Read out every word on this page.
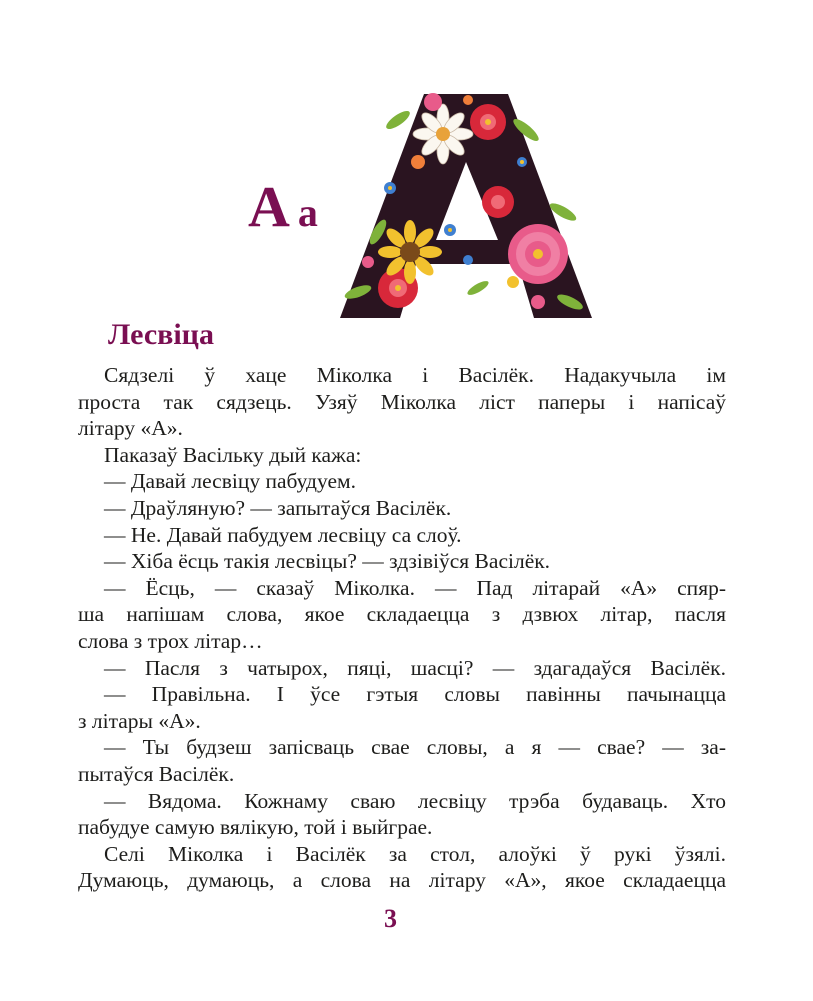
А а
Лесвіца
Сядзелі ў хаце Міколка і Васілёк. Надакучыла ім
проста так сядзець. Узяў Міколка ліст паперы і напісаў
літару «А».
Паказаў Васільку дый кажа:
— Давай лесвіцу пабудуем.
— Драўляную? — запытаўся Васілёк.
— Не. Давай пабудуем лесвіцу са слоў.
— Хіба ёсць такія лесвіцы? — здзівіўся Васілёк.
— Ёсць, — сказаў Міколка. — Пад літарай «А» спяр-
ша напішам слова, якое складаецца з дзвюх літар, пасля
слова з трох літар…
— Пасля з чатырох, пяці, шасці? — здагадаўся Васілёк.
— Правільна. І ўсе гэтыя словы павінны пачынацца
з літары «А».
— Ты будзеш запісваць свае словы, а я — свае? — за-
пытаўся Васілёк.
— Вядома. Кожнаму сваю лесвіцу трэба будаваць. Хто
пабудуе самую вялікую, той і выйграе.
Селі Міколка і Васілёк за стол, алоўкі ў рукі ўзялі.
Думаюць, думаюць, а слова на літару «А», якое складаецца
3
